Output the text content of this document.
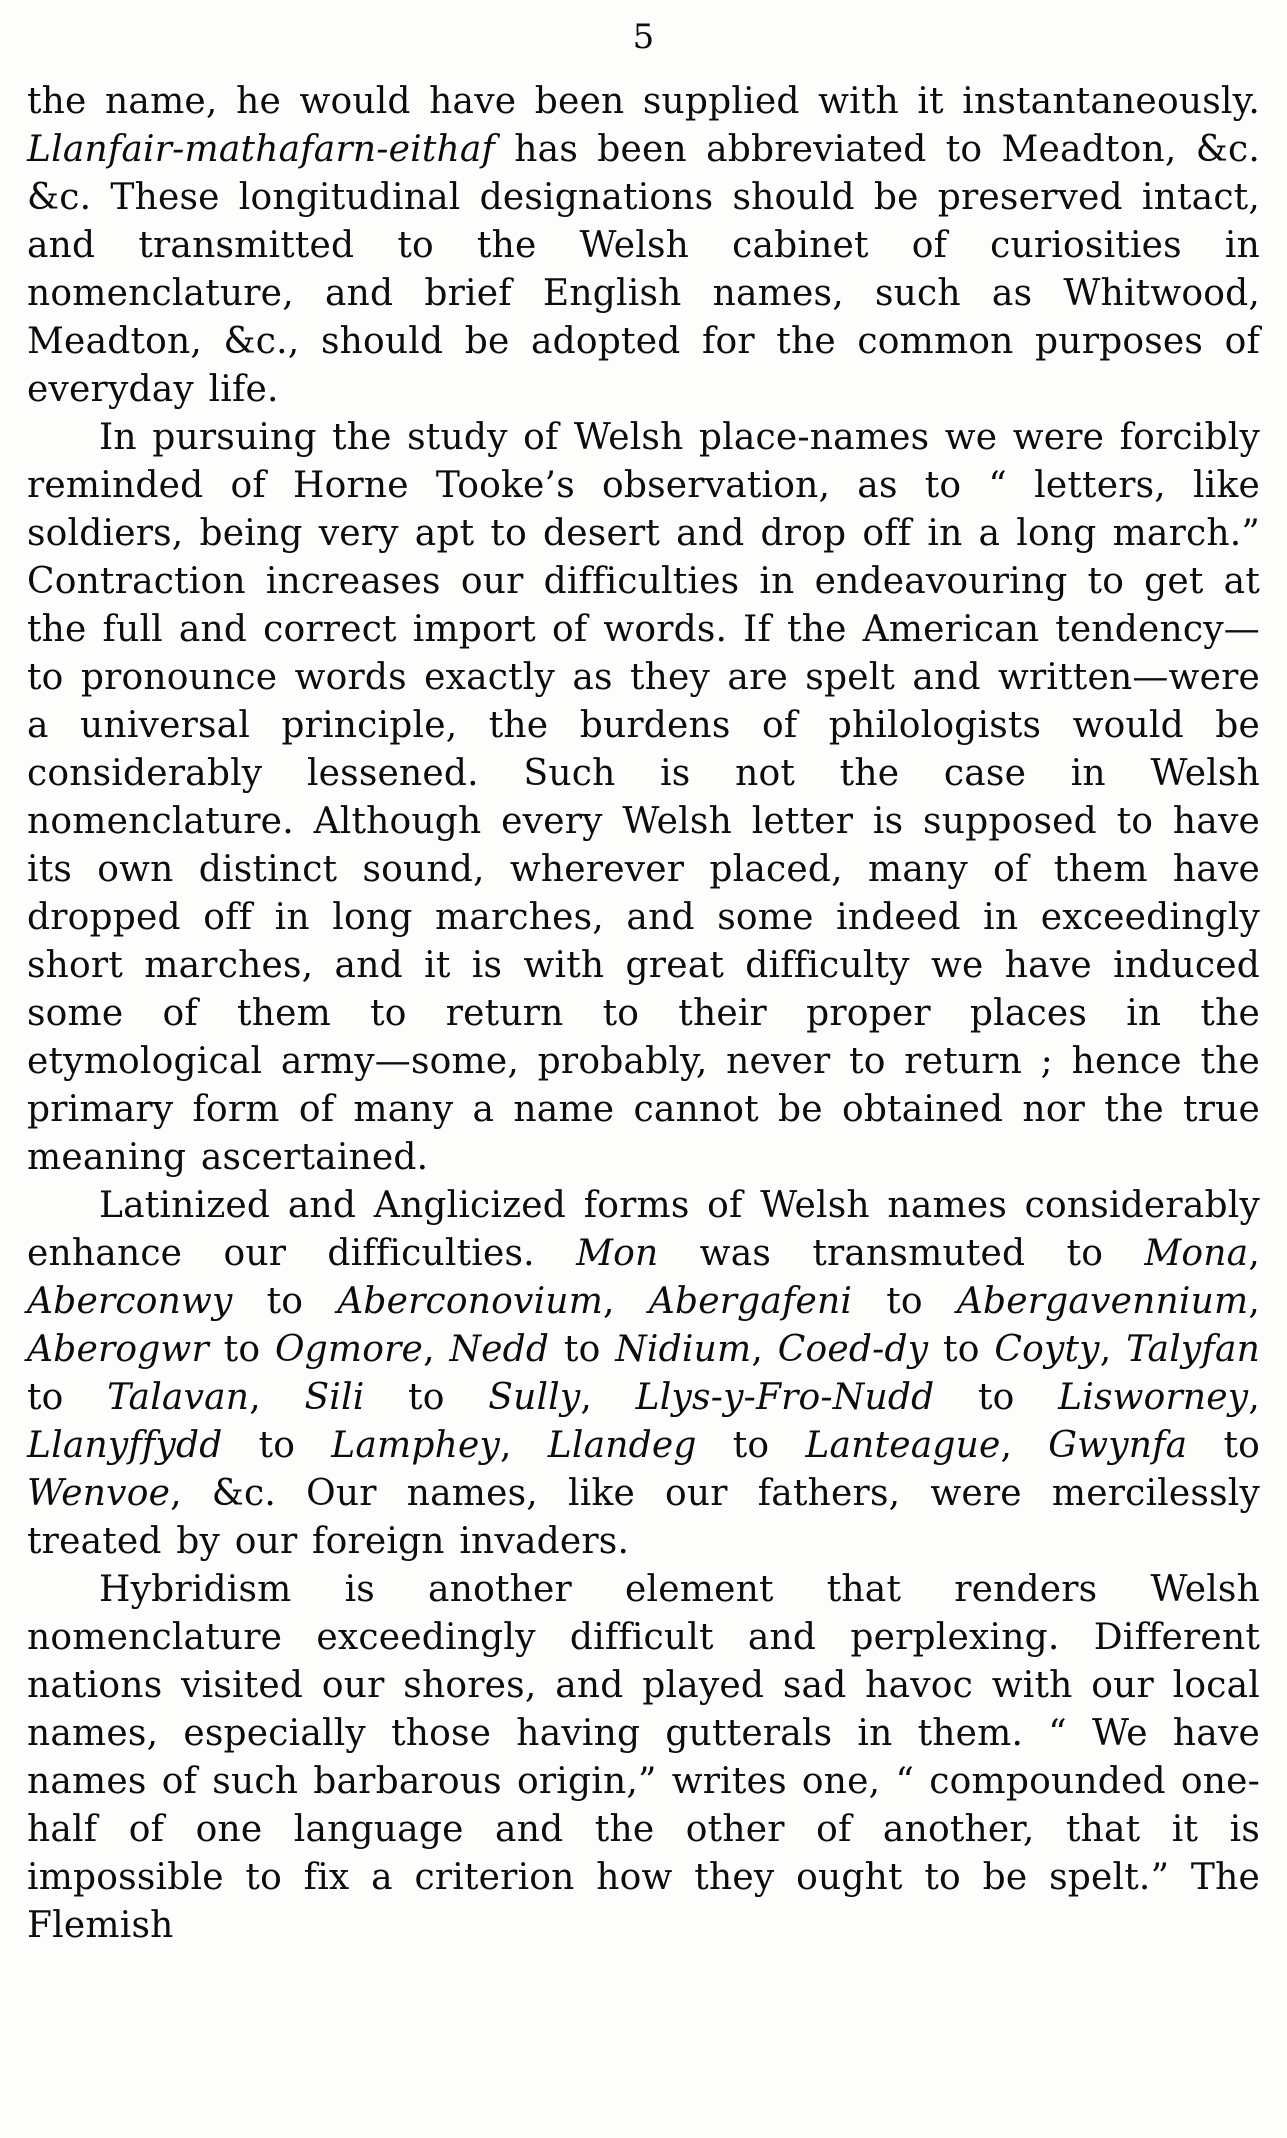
5

the name, he would have been supplied with it instantaneously. Llanfair-mathafarn-eithaf has been abbreviated to Meadton, &c. &c. These longitudinal designations should be preserved intact, and transmitted to the Welsh cabinet of curiosities in nomenclature, and brief English names, such as Whitwood, Meadton, &c., should be adopted for the common purposes of everyday life.

In pursuing the study of Welsh place-names we were forcibly reminded of Horne Tooke’s observation, as to “ letters, like soldiers, being very apt to desert and drop off in a long march.” Contraction increases our difficulties in endeavouring to get at the full and correct import of words. If the American tendency—to pronounce words exactly as they are spelt and written—were a universal principle, the burdens of philologists would be considerably lessened. Such is not the case in Welsh nomenclature. Although every Welsh letter is supposed to have its own distinct sound, wherever placed, many of them have dropped off in long marches, and some indeed in exceedingly short marches, and it is with great difficulty we have induced some of them to return to their proper places in the etymological army—some, probably, never to return ; hence the primary form of many a name cannot be obtained nor the true meaning ascertained.

Latinized and Anglicized forms of Welsh names considerably enhance our difficulties. Mon was transmuted to Mona, Aberconwy to Aberconovium, Abergafeni to Abergavennium, Aberogwr to Ogmore, Nedd to Nidium, Coed-dy to Coyty, Talyfan to Talavan, Sili to Sully, Llys-y-Fro-Nudd to Lisworney, Llanyffydd to Lamphey, Llandeg to Lanteague, Gwynfa to Wenvoe, &c. Our names, like our fathers, were mercilessly treated by our foreign invaders.

Hybridism is another element that renders Welsh nomenclature exceedingly difficult and perplexing. Different nations visited our shores, and played sad havoc with our local names, especially those having gutterals in them. “ We have names of such barbarous origin,” writes one, “ compounded one-half of one language and the other of another, that it is impossible to fix a criterion how they ought to be spelt.” The Flemish
